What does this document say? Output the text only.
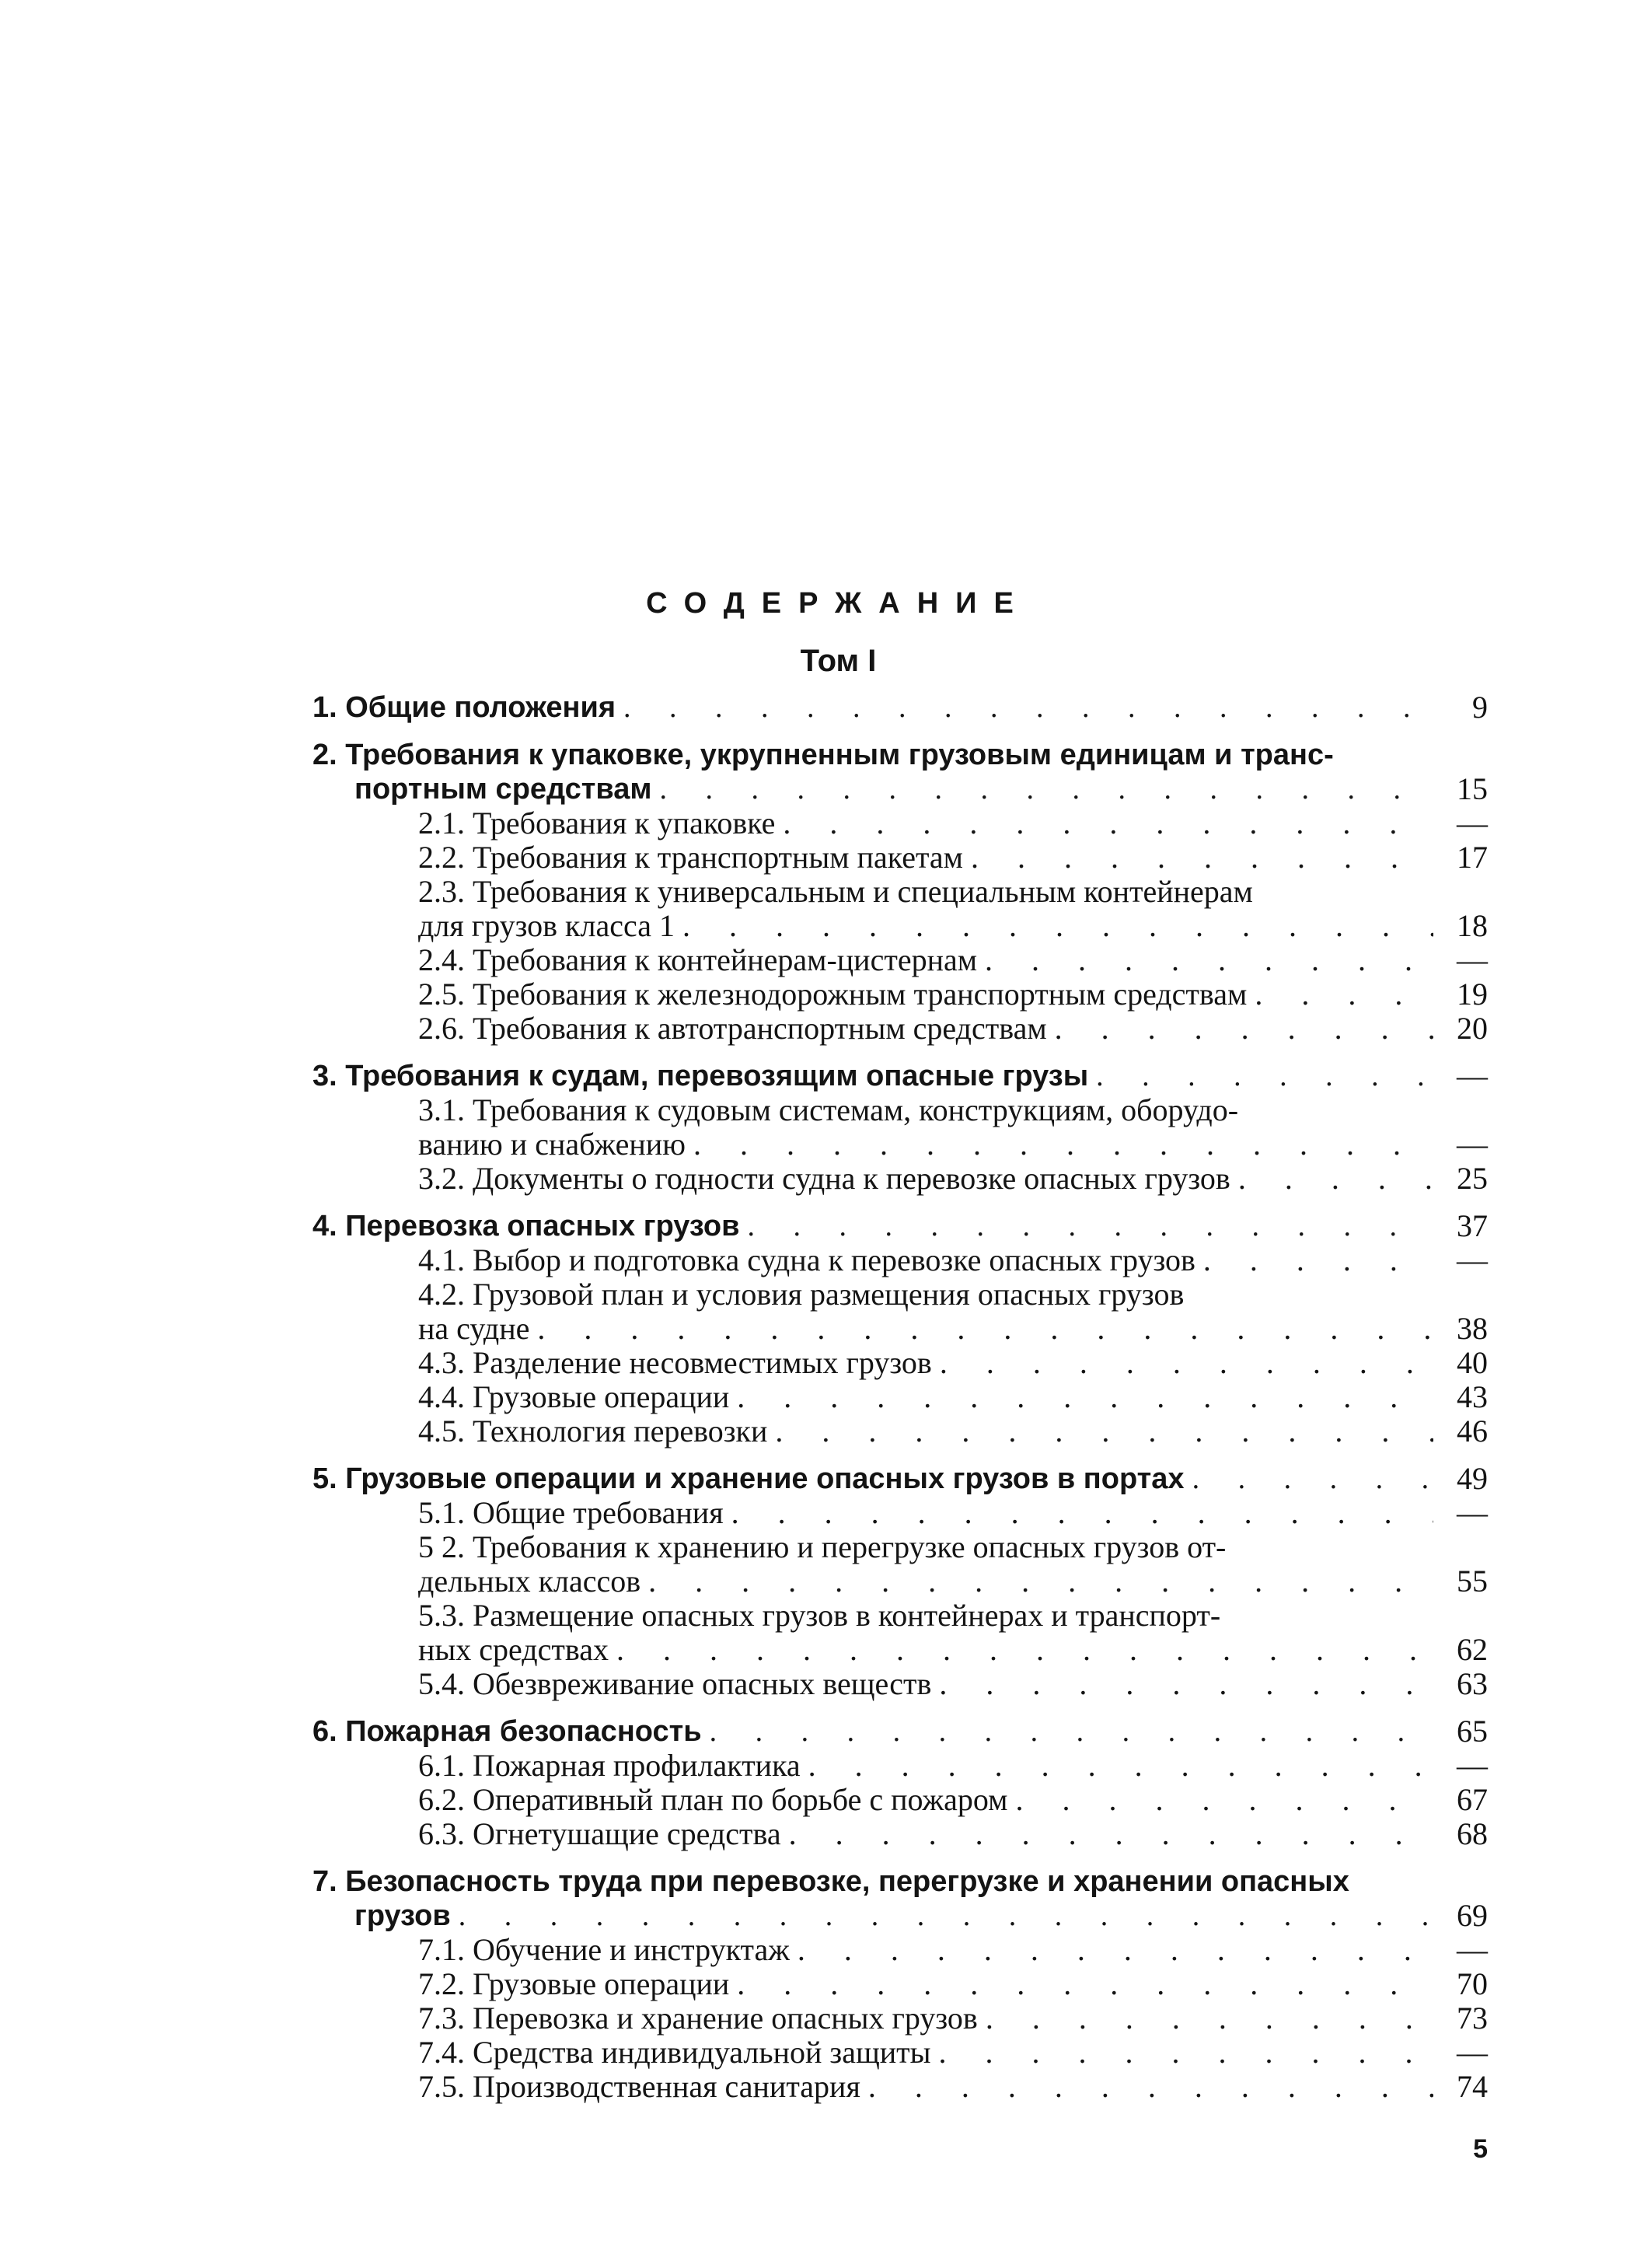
СОДЕРЖАНИЕ
Том I
1. Общие положения . . .	9
2. Требования к упаковке, укрупненным грузовым единицам и транс-
портным средствам . . .	15
2.1. Требования к упаковке . . .	—
2.2. Требования к транспортным пакетам . . .	17
2.3. Требования к универсальным и специальным контейнерам
для грузов класса 1 . . .	18
2.4. Требования к контейнерам-цистернам . . .	—
2.5. Требования к железнодорожным транспортным средствам . . .	19
2.6. Требования к автотранспортным средствам . . .	20
3. Требования к судам, перевозящим опасные грузы . . .	—
3.1. Требования к судовым системам, конструкциям, оборудо-
ванию и снабжению . . .	—
3.2. Документы о годности судна к перевозке опасных грузов . . .	25
4. Перевозка опасных грузов . . .	37
4.1. Выбор и подготовка судна к перевозке опасных грузов . . .	—
4.2. Грузовой план и условия размещения опасных грузов
на судне . . .	38
4.3. Разделение несовместимых грузов . . .	40
4.4. Грузовые операции . . .	43
4.5. Технология перевозки . . .	46
5. Грузовые операции и хранение опасных грузов в портах . . .	49
5.1. Общие требования . . .	—
5 2. Требования к хранению и перегрузке опасных грузов от-
дельных классов . . .	55
5.3. Размещение опасных грузов в контейнерах и транспорт-
ных средствах . . .	62
5.4. Обезвреживание опасных веществ . . .	63
6. Пожарная безопасность . . .	65
6.1. Пожарная профилактика . . .	—
6.2. Оперативный план по борьбе с пожаром . . .	67
6.3. Огнетушащие средства . . .	68
7. Безопасность труда при перевозке, перегрузке и хранении опасных
грузов . . .	69
7.1. Обучение и инструктаж . . .	—
7.2. Грузовые операции . . .	70
7.3. Перевозка и хранение опасных грузов . . .	73
7.4. Средства индивидуальной защиты . . .	—
7.5. Производственная санитария . . .	74
5
